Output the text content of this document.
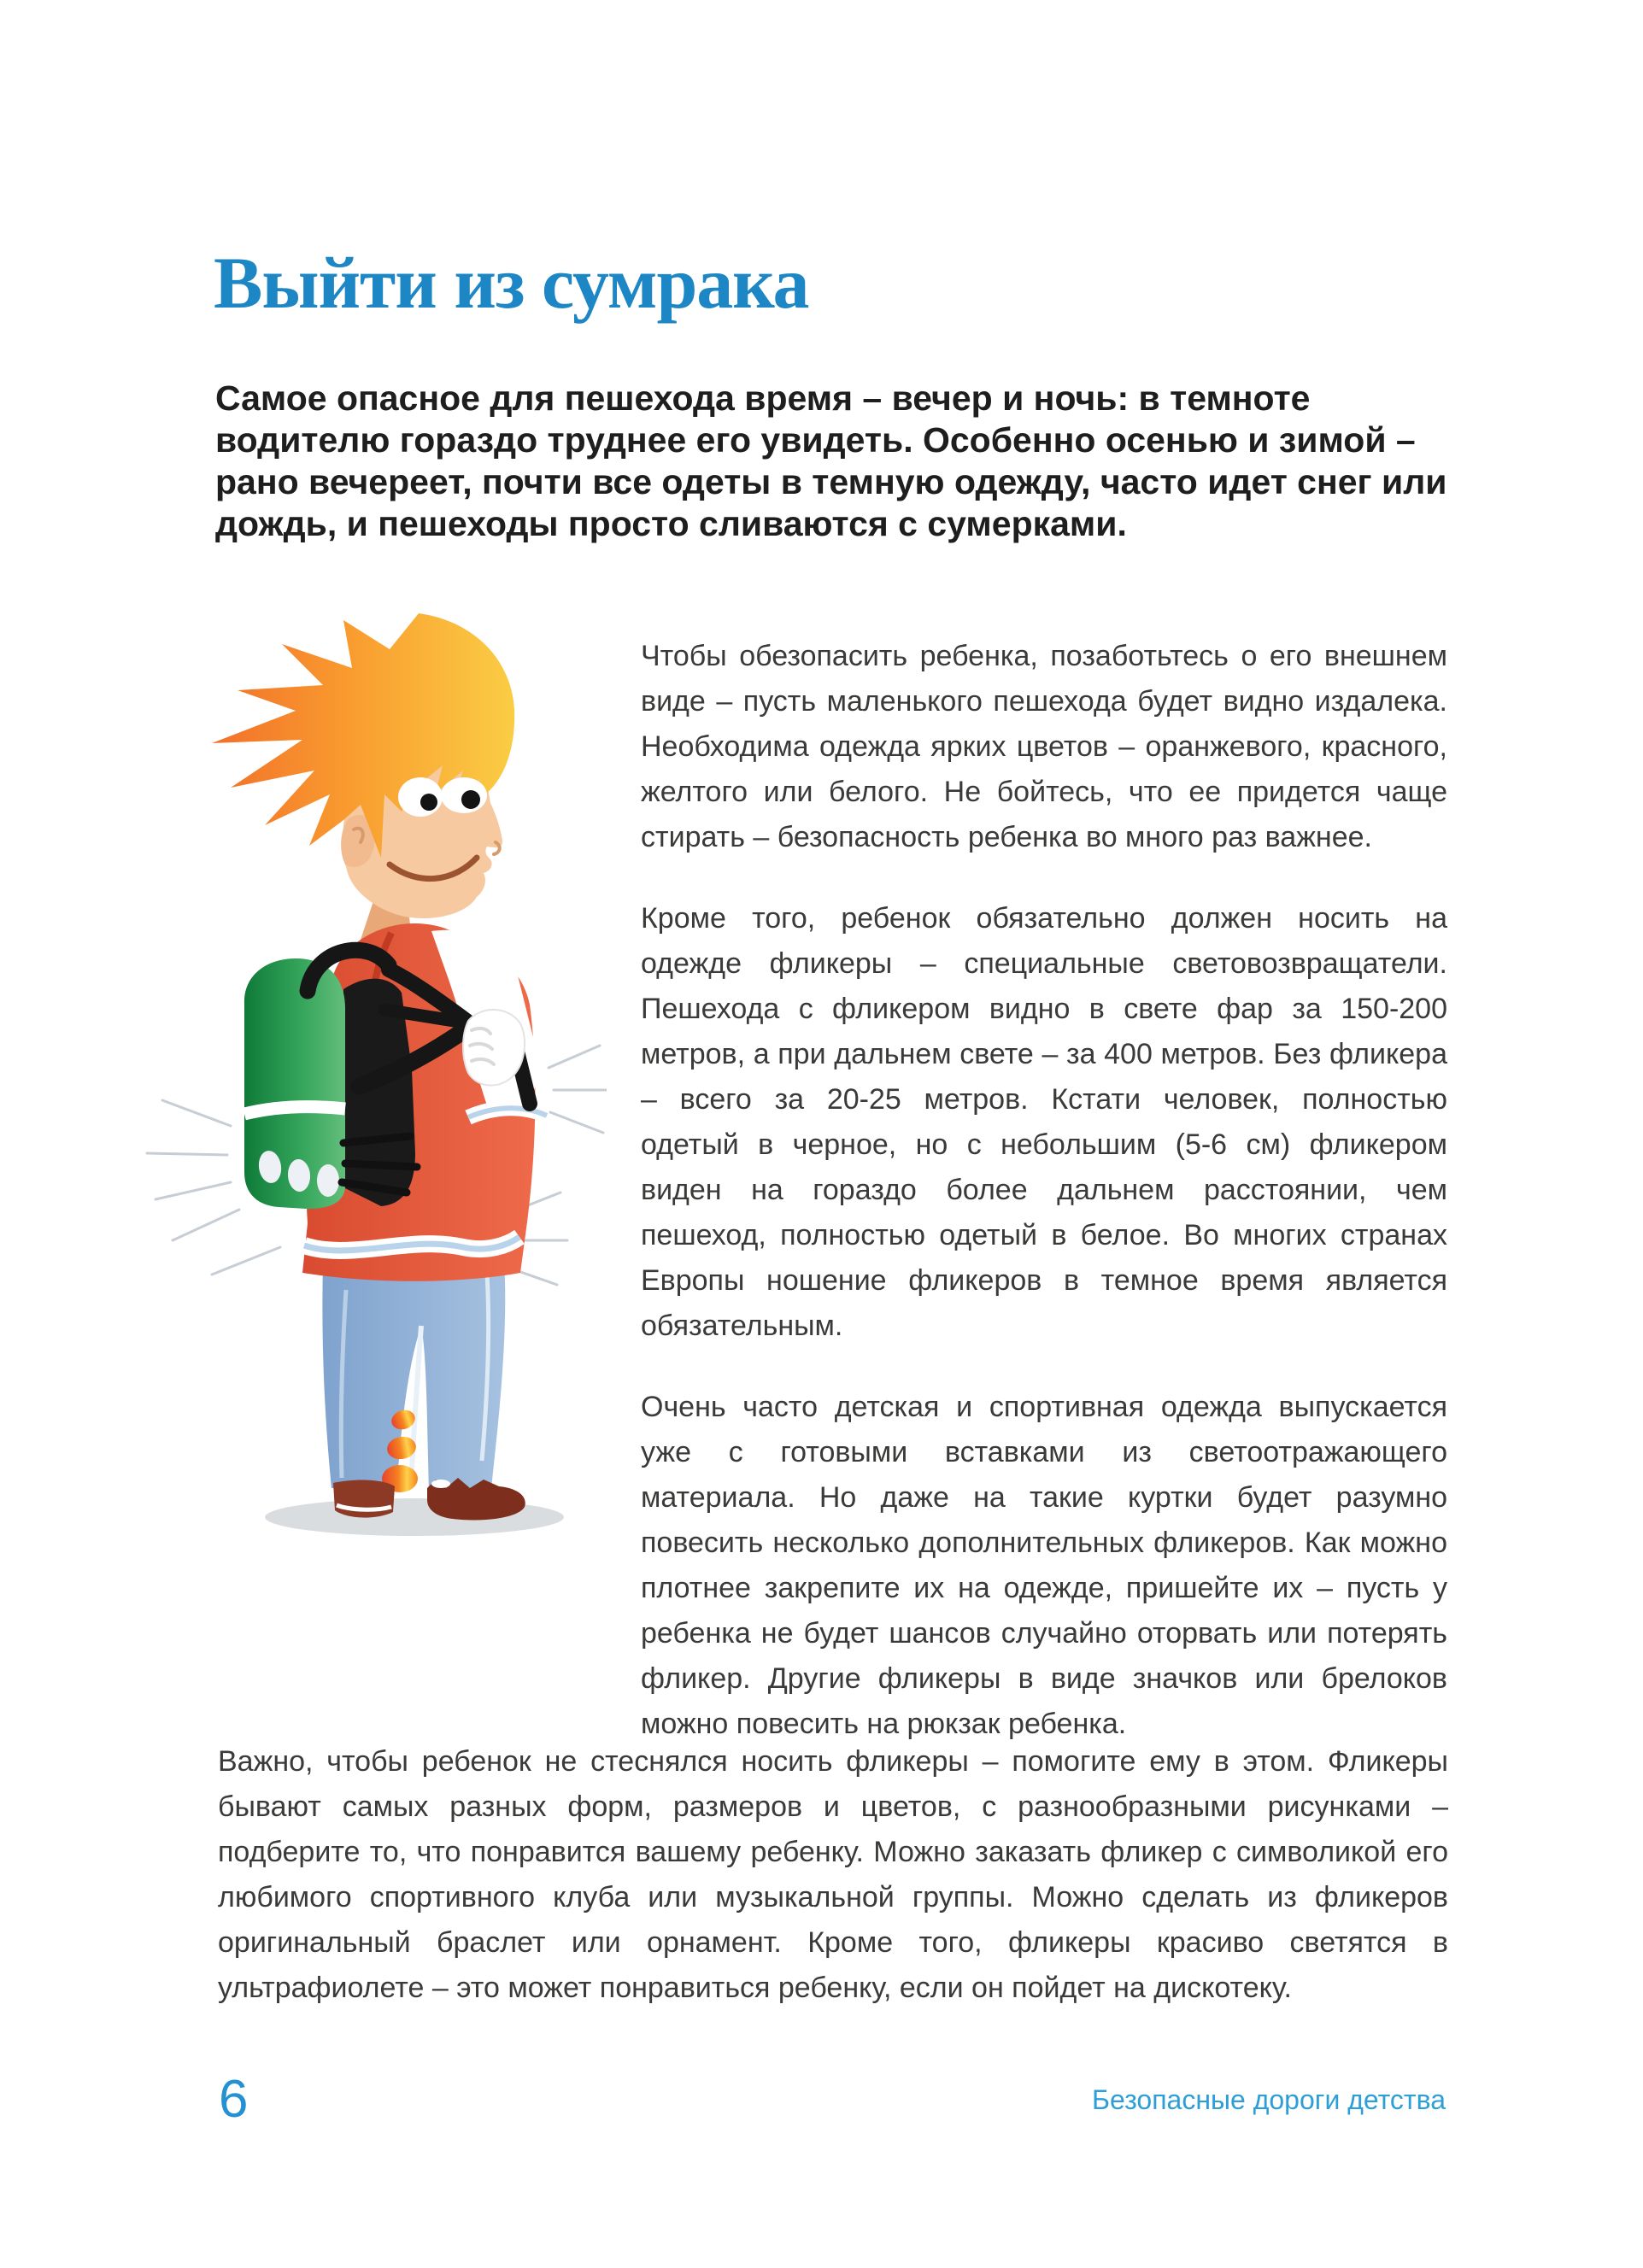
Выйти из сумрака

Самое опасное для пешехода время – вечер и ночь: в темноте водителю гораздо труднее его увидеть. Особенно осенью и зимой – рано вечереет, почти все одеты в темную одежду, часто идет снег или дождь, и пешеходы просто сливаются с сумерками.

Чтобы обезопасить ребенка, позаботьтесь о его внешнем виде – пусть маленького пешехода будет видно издалека. Необходима одежда ярких цветов – оранжевого, красного, желтого или белого. Не бойтесь, что ее придется чаще стирать – безопасность ребенка во много раз важнее.

Кроме того, ребенок обязательно должен носить на одежде фликеры – специальные световозвращатели. Пешехода с фликером видно в свете фар за 150-200 метров, а при дальнем свете – за 400 метров. Без фликера – всего за 20-25 метров. Кстати человек, полностью одетый в черное, но с небольшим (5-6 см) фликером виден на гораздо более дальнем расстоянии, чем пешеход, полностью одетый в белое. Во многих странах Европы ношение фликеров в темное время является обязательным.

Очень часто детская и спортивная одежда выпускается уже с готовыми вставками из светоотражающего материала. Но даже на такие куртки будет разумно повесить несколько дополнительных фликеров. Как можно плотнее закрепите их на одежде, пришейте их – пусть у ребенка не будет шансов случайно оторвать или потерять фликер. Другие фликеры в виде значков или брелоков можно повесить на рюкзак ребенка.

Важно, чтобы ребенок не стеснялся носить фликеры – помогите ему в этом. Фликеры бывают самых разных форм, размеров и цветов, с разнообразными рисунками – подберите то, что понравится вашему ребенку. Можно заказать фликер с символикой его любимого спортивного клуба или музыкальной группы. Можно сделать из фликеров оригинальный браслет или орнамент. Кроме того, фликеры красиво светятся в ультрафиолете – это может понравиться ребенку, если он пойдет на дискотеку.

6	Безопасные дороги детства
